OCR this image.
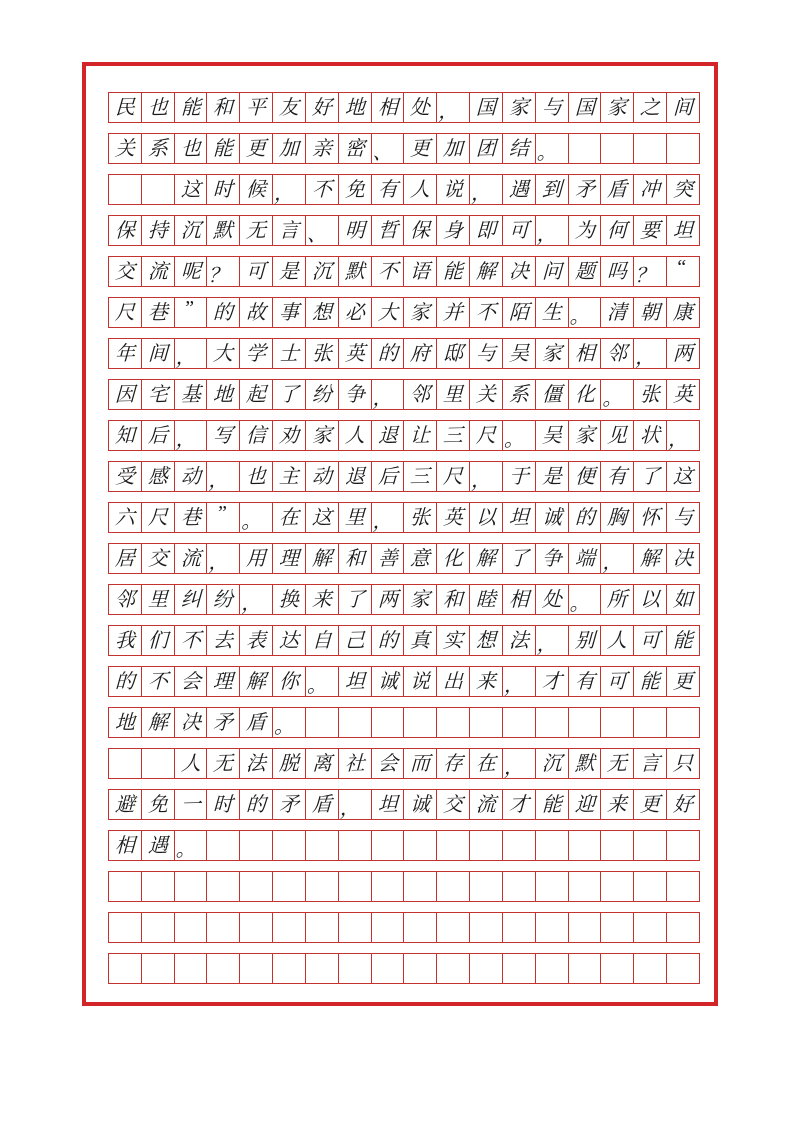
民 也 能 和 平 友 好 地 相 处 ， 国 家 与 国 家 之 间
关 系 也 能 更 加 亲 密 、 更 加 团 结 。
这 时 候 ， 不 免 有 人 说 ， 遇 到 矛 盾 冲 突
保 持 沉 默 无 言 、 明 哲 保 身 即 可 ， 为 何 要 坦
交 流 呢 ？ 可 是 沉 默 不 语 能 解 决 问 题 吗 ？ “
尺 巷 ” 的 故 事 想 必 大 家 并 不 陌 生 。 清 朝 康
年 间 ， 大 学 士 张 英 的 府 邸 与 吴 家 相 邻 ， 两
因 宅 基 地 起 了 纷 争 ， 邻 里 关 系 僵 化 。 张 英
知 后 ， 写 信 劝 家 人 退 让 三 尺 。 吴 家 见 状 ，
受 感 动 ， 也 主 动 退 后 三 尺 ， 于 是 便 有 了 这
六 尺 巷 ” 。 在 这 里 ， 张 英 以 坦 诚 的 胸 怀 与
居 交 流 ， 用 理 解 和 善 意 化 解 了 争 端 ， 解 决
邻 里 纠 纷 ， 换 来 了 两 家 和 睦 相 处 。 所 以 如
我 们 不 去 表 达 自 己 的 真 实 想 法 ， 别 人 可 能
的 不 会 理 解 你 。 坦 诚 说 出 来 ， 才 有 可 能 更
地 解 决 矛 盾 。
人 无 法 脱 离 社 会 而 存 在 ， 沉 默 无 言 只
避 免 一 时 的 矛 盾 ， 坦 诚 交 流 才 能 迎 来 更 好
相 遇 。
